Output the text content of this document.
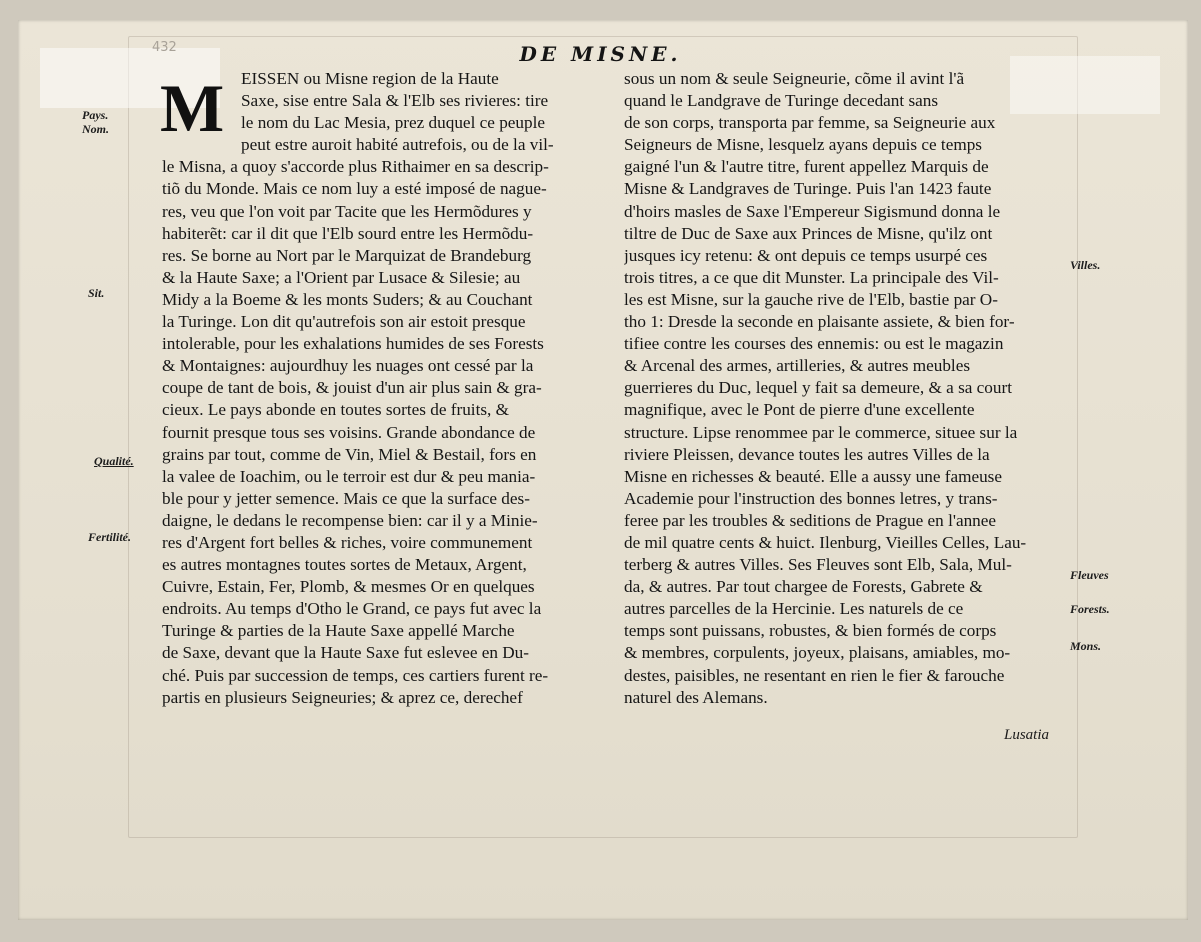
432	DE MISNE.
M EISSEN ou Misne region de la Haute
Saxe, sise entre Sala & l'Elb ses rivieres: tire
le nom du Lac Mesia, prez duquel ce peuple
peut estre auroit habité autrefois, ou de la vil-
le Misna, a quoy s'accorde plus Rithaimer en sa descrip-
tiõ du Monde. Mais ce nom luy a esté imposé de nague-
res, veu que l'on voit par Tacite que les Hermõdures y
habiterẽt: car il dit que l'Elb sourd entre les Hermõdu-
res. Se borne au Nort par le Marquizat de Brandeburg
& la Haute Saxe; a l'Orient par Lusace & Silesie; au
Midy a la Boeme & les monts Suders; & au Couchant
la Turinge. Lon dit qu'autrefois son air estoit presque
intolerable, pour les exhalations humides de ses Forests
& Montaignes: aujourdhuy les nuages ont cessé par la
coupe de tant de bois, & jouist d'un air plus sain & gra-
cieux. Le pays abonde en toutes sortes de fruits, &
fournit presque tous ses voisins. Grande abondance de
grains par tout, comme de Vin, Miel & Bestail, fors en
la valee de Ioachim, ou le terroir est dur & peu mania-
ble pour y jetter semence. Mais ce que la surface des-
daigne, le dedans le recompense bien: car il y a Minie-
res d'Argent fort belles & riches, voire communement
es autres montagnes toutes sortes de Metaux, Argent,
Cuivre, Estain, Fer, Plomb, & mesmes Or en quelques
endroits. Au temps d'Otho le Grand, ce pays fut avec la
Turinge & parties de la Haute Saxe appellé Marche
de Saxe, devant que la Haute Saxe fut eslevee en Du-
ché. Puis par succession de temps, ces cartiers furent re-
partis en plusieurs Seigneuries; & aprez ce, derechef
sous un nom & seule Seigneurie, cõme il avint l'ã
quand le Landgrave de Turinge decedant sans
de son corps, transporta par femme, sa Seigneurie aux
Seigneurs de Misne, lesquelz ayans depuis ce temps
gaigné l'un & l'autre titre, furent appellez Marquis de
Misne & Landgraves de Turinge. Puis l'an 1423 faute
d'hoirs masles de Saxe l'Empereur Sigismund donna le
tiltre de Duc de Saxe aux Princes de Misne, qu'ilz ont
jusques icy retenu: & ont depuis ce temps usurpé ces
trois titres, a ce que dit Munster. La principale des Vil-
les est Misne, sur la gauche rive de l'Elb, bastie par O-
tho 1: Dresde la seconde en plaisante assiete, & bien for-
tifiee contre les courses des ennemis: ou est le magazin
& Arcenal des armes, artilleries, & autres meubles
guerrieres du Duc, lequel y fait sa demeure, & a sa court
magnifique, avec le Pont de pierre d'une excellente
structure. Lipse renommee par le commerce, situee sur la
riviere Pleissen, devance toutes les autres Villes de la
Misne en richesses & beauté. Elle a aussy une fameuse
Academie pour l'instruction des bonnes letres, y trans-
feree par les troubles & seditions de Prague en l'annee
de mil quatre cents & huict. Ilenburg, Vieilles Celles, Lau-
terberg & autres Villes. Ses Fleuves sont Elb, Sala, Mul-
da, & autres. Par tout chargee de Forests, Gabrete &
autres parcelles de la Hercinie. Les naturels de ce
temps sont puissans, robustes, & bien formés de corps
& membres, corpulents, joyeux, plaisans, amiables, mo-
destes, paisibles, ne resentant en rien le fier & farouche
naturel des Alemans.
Pays.
Nom.
Sit.
Qualité.
Fertilité.
Villes.
Fleuves
Forests.
Mons.
Lusatia
